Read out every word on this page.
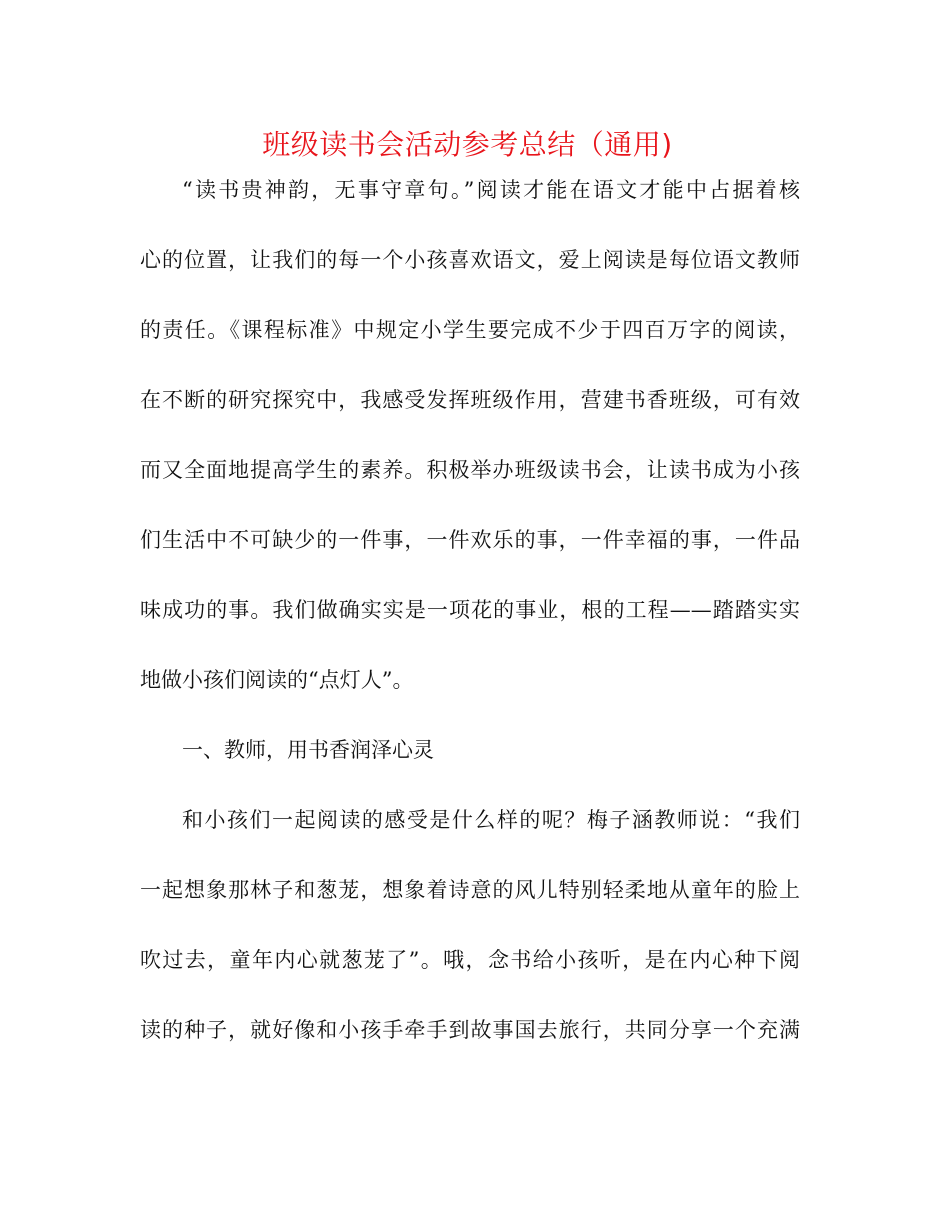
班级读书会活动参考总结（通用)

“读书贵神韵，无事守章句。”阅读才能在语文才能中占据着核

心的位置，让我们的每一个小孩喜欢语文，爱上阅读是每位语文教师

的责任。《课程标准》中规定小学生要完成不少于四百万字的阅读，

在不断的研究探究中，我感受发挥班级作用，营建书香班级，可有效

而又全面地提高学生的素养。积极举办班级读书会，让读书成为小孩

们生活中不可缺少的一件事，一件欢乐的事，一件幸福的事，一件品

味成功的事。我们做确实实是一项花的事业，根的工程——踏踏实实

地做小孩们阅读的“点灯人”。

一、教师，用书香润泽心灵

和小孩们一起阅读的感受是什么样的呢？梅子涵教师说：“我们

一起想象那林子和葱茏，想象着诗意的风儿特别轻柔地从童年的脸上

吹过去，童年内心就葱茏了”。哦，念书给小孩听，是在内心种下阅

读的种子，就好像和小孩手牵手到故事国去旅行，共同分享一个充满
